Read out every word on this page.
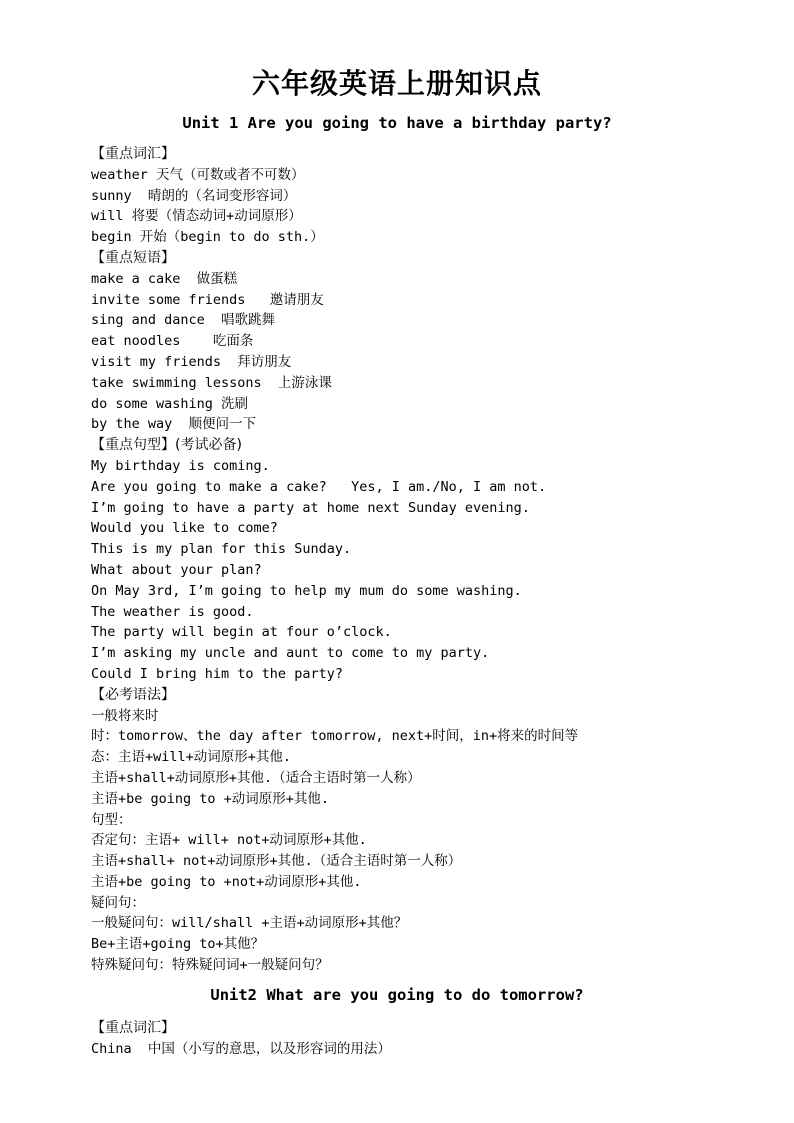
六年级英语上册知识点
Unit 1 Are you going to have a birthday party?
【重点词汇】
weather 天气（可数或者不可数）
sunny  晴朗的（名词变形容词）
will 将要（情态动词+动词原形）
begin 开始（begin to do sth.）
【重点短语】
make a cake  做蛋糕
invite some friends   邀请朋友
sing and dance  唱歌跳舞
eat noodles    吃面条
visit my friends  拜访朋友
take swimming lessons  上游泳课
do some washing 洗刷
by the way  顺便问一下
【重点句型】(考试必备)
My birthday is coming.
Are you going to make a cake?   Yes, I am./No, I am not.
I’m going to have a party at home next Sunday evening.
Would you like to come?
This is my plan for this Sunday.
What about your plan?
On May 3rd, I’m going to help my mum do some washing.
The weather is good.
The party will begin at four o’clock.
I’m asking my uncle and aunt to come to my party.
Could I bring him to the party?
【必考语法】
一般将来时
时：tomorrow、the day after tomorrow, next+时间，in+将来的时间等
态：主语+will+动词原形+其他.
主语+shall+动词原形+其他.（适合主语时第一人称）
主语+be going to +动词原形+其他.
句型：
否定句：主语+ will+ not+动词原形+其他.
主语+shall+ not+动词原形+其他.（适合主语时第一人称）
主语+be going to +not+动词原形+其他.
疑问句：
一般疑问句：will/shall +主语+动词原形+其他？
Be+主语+going to+其他？
特殊疑问句：特殊疑问词+一般疑问句？
Unit2 What are you going to do tomorrow?
【重点词汇】
China  中国（小写的意思，以及形容词的用法）
